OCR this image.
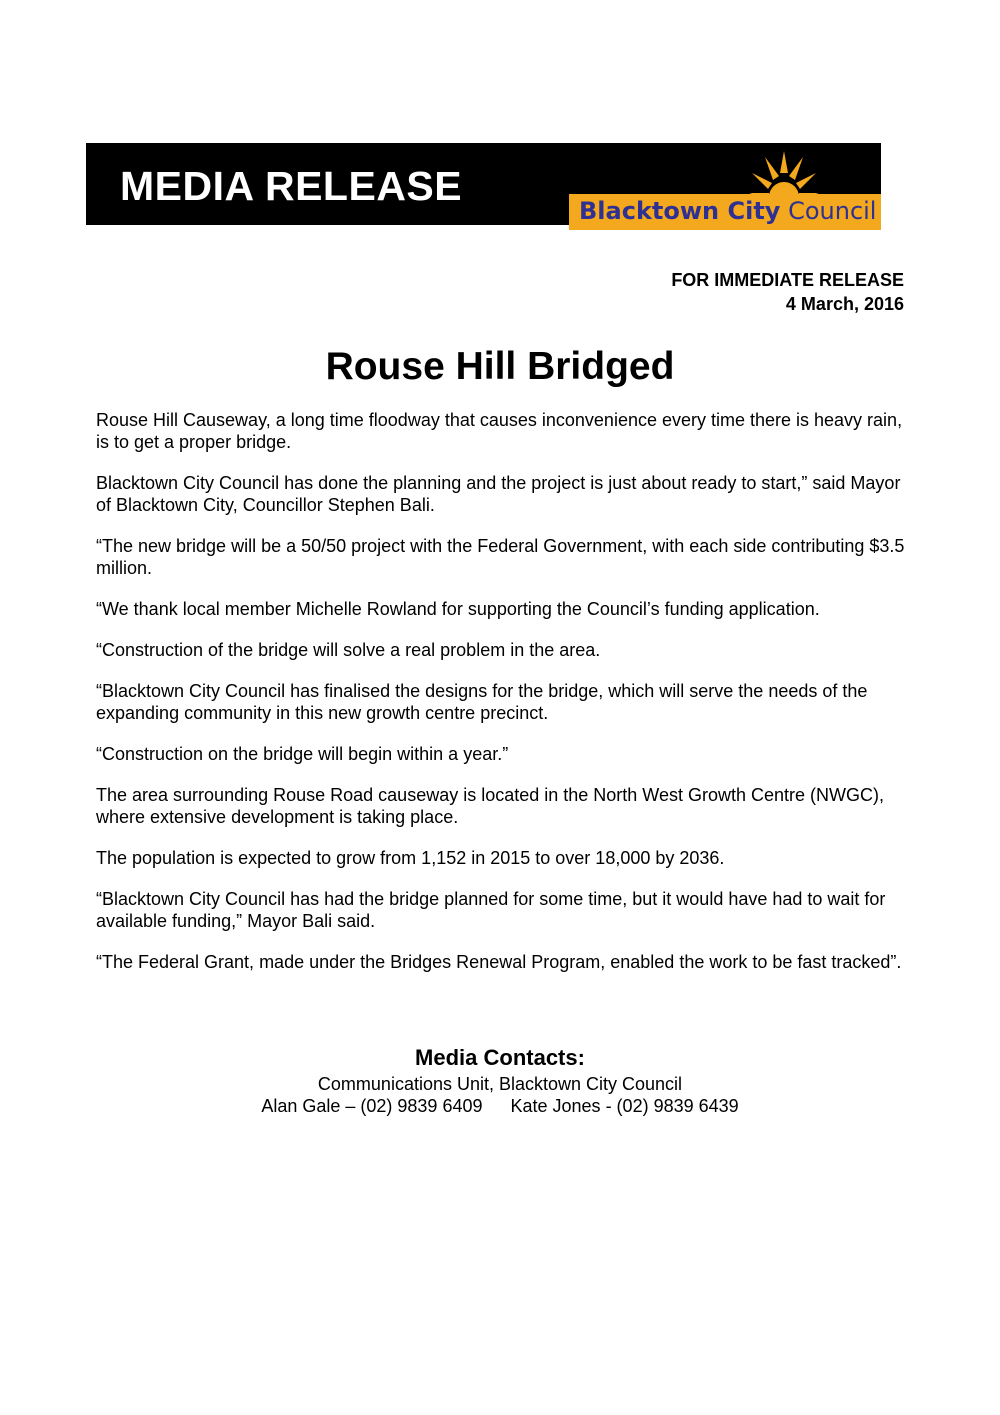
MEDIA RELEASE
Blacktown City Council
FOR IMMEDIATE RELEASE
4 March, 2016
Rouse Hill Bridged

Rouse Hill Causeway, a long time floodway that causes inconvenience every time there is heavy rain, is to get a proper bridge.

Blacktown City Council has done the planning and the project is just about ready to start,” said Mayor of Blacktown City, Councillor Stephen Bali.

“The new bridge will be a 50/50 project with the Federal Government, with each side contributing $3.5 million.

“We thank local member Michelle Rowland for supporting the Council’s funding application.

“Construction of the bridge will solve a real problem in the area.

“Blacktown City Council has finalised the designs for the bridge, which will serve the needs of the expanding community in this new growth centre precinct.

“Construction on the bridge will begin within a year.”

The area surrounding Rouse Road causeway is located in the North West Growth Centre (NWGC), where extensive development is taking place.

The population is expected to grow from 1,152 in 2015 to over 18,000 by 2036.

“Blacktown City Council has had the bridge planned for some time, but it would have had to wait for available funding,” Mayor Bali said.

“The Federal Grant, made under the Bridges Renewal Program, enabled the work to be fast tracked”.

Media Contacts:
Communications Unit, Blacktown City Council
Alan Gale – (02) 9839 6409 Kate Jones - (02) 9839 6439
